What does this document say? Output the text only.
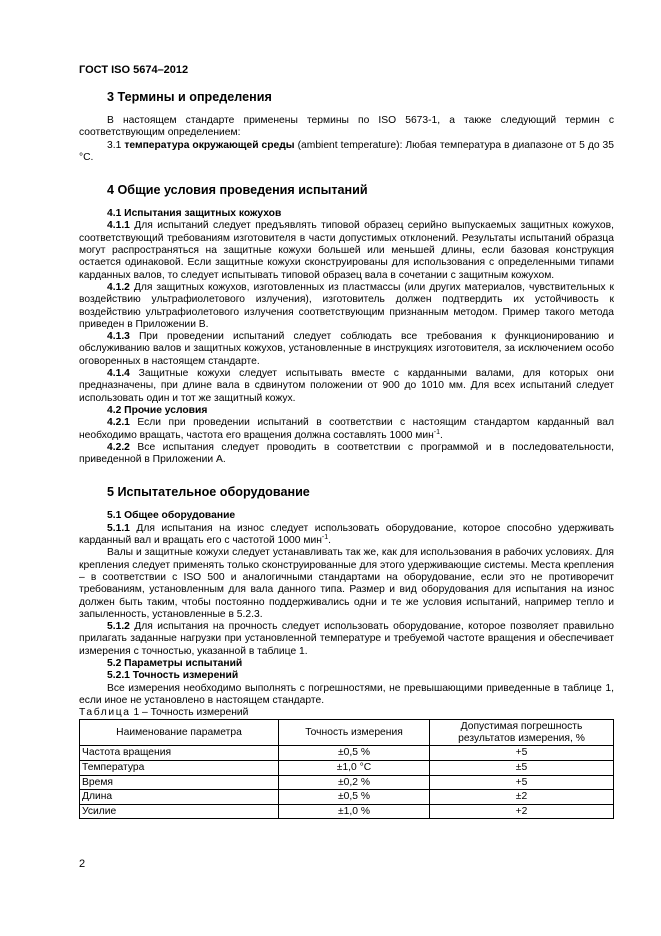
ГОСТ ISO 5674–2012
3 Термины и определения

В настоящем стандарте применены термины по ISO 5673-1, а также следующий термин с соответствующим определением:

3.1 температура окружающей среды (ambient temperature): Любая температура в диапазоне от 5 до 35 °С.

4 Общие условия проведения испытаний

4.1 Испытания защитных кожухов

4.1.1 Для испытаний следует предъявлять типовой образец серийно выпускаемых защитных кожухов, соответствующий требованиям изготовителя в части допустимых отклонений. Результаты испытаний образца могут распространяться на защитные кожухи большей или меньшей длины, если базовая конструкция остается одинаковой. Если защитные кожухи сконструированы для использования с определенными типами карданных валов, то следует испытывать типовой образец вала в сочетании с защитным кожухом.

4.1.2 Для защитных кожухов, изготовленных из пластмассы (или других материалов, чувствительных к воздействию ультрафиолетового излучения), изготовитель должен подтвердить их устойчивость к воздействию ультрафиолетового излучения соответствующим признанным методом. Пример такого метода приведен в Приложении В.

4.1.3 При проведении испытаний следует соблюдать все требования к функционированию и обслуживанию валов и защитных кожухов, установленные в инструкциях изготовителя, за исключением особо оговоренных в настоящем стандарте.

4.1.4 Защитные кожухи следует испытывать вместе с карданными валами, для которых они предназначены, при длине вала в сдвинутом положении от 900 до 1010 мм. Для всех испытаний следует использовать один и тот же защитный кожух.

4.2 Прочие условия

4.2.1 Если при проведении испытаний в соответствии с настоящим стандартом карданный вал необходимо вращать, частота его вращения должна составлять 1000 мин$^{-1}$.

4.2.2 Все испытания следует проводить в соответствии с программой и в последовательности, приведенной в Приложении А.

5 Испытательное оборудование

5.1 Общее оборудование

5.1.1 Для испытания на износ следует использовать оборудование, которое способно удерживать карданный вал и вращать его с частотой 1000 мин$^{-1}$.

Валы и защитные кожухи следует устанавливать так же, как для использования в рабочих условиях. Для крепления следует применять только сконструированные для этого удерживающие системы. Места крепления – в соответствии с ISO 500 и аналогичными стандартами на оборудование, если это не противоречит требованиям, установленным для вала данного типа. Размер и вид оборудования для испытания на износ должен быть таким, чтобы постоянно поддерживались одни и те же условия испытаний, например тепло и запыленность, установленные в 5.2.3.

5.1.2 Для испытания на прочность следует использовать оборудование, которое позволяет правильно прилагать заданные нагрузки при установленной температуре и требуемой частоте вращения и обеспечивает измерения с точностью, указанной в таблице 1.

5.2 Параметры испытаний

5.2.1 Точность измерений

Все измерения необходимо выполнять с погрешностями, не превышающими приведенные в таблице 1, если иное не установлено в настоящем стандарте.

Таблица 1 – Точность измерений
Наименование параметра	Точность измерения	Допустимая погрешность результатов измерения, %
Частота вращения	±0,5 %	+5
Температура	±1,0 °С	±5
Время	±0,2 %	+5
Длина	±0,5 %	±2
Усилие	±1,0 %	+2
2
